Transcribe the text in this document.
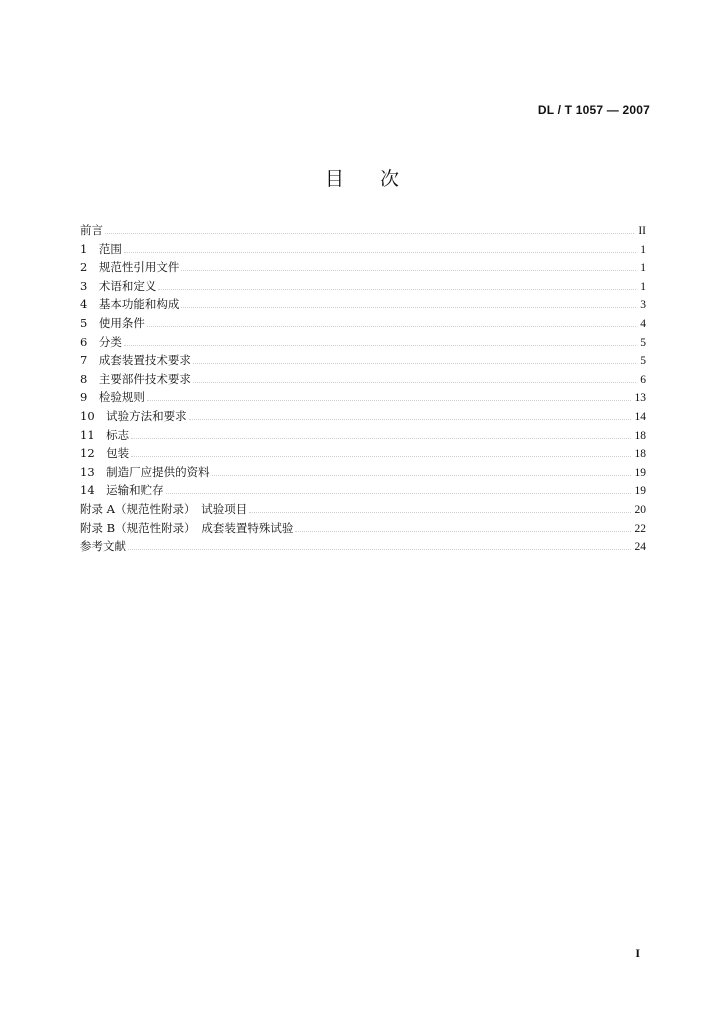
DL / T 1057 — 2007
目次
前言	II
1　范围	1
2　规范性引用文件	1
3　术语和定义	1
4　基本功能和构成	3
5　使用条件	4
6　分类	5
7　成套装置技术要求	5
8　主要部件技术要求	6
9　检验规则	13
10　试验方法和要求	14
11　标志	18
12　包装	18
13　制造厂应提供的资料	19
14　运输和贮存	19
附录 A（规范性附录）　试验项目	20
附录 B（规范性附录）　成套装置特殊试验	22
参考文献	24
I
